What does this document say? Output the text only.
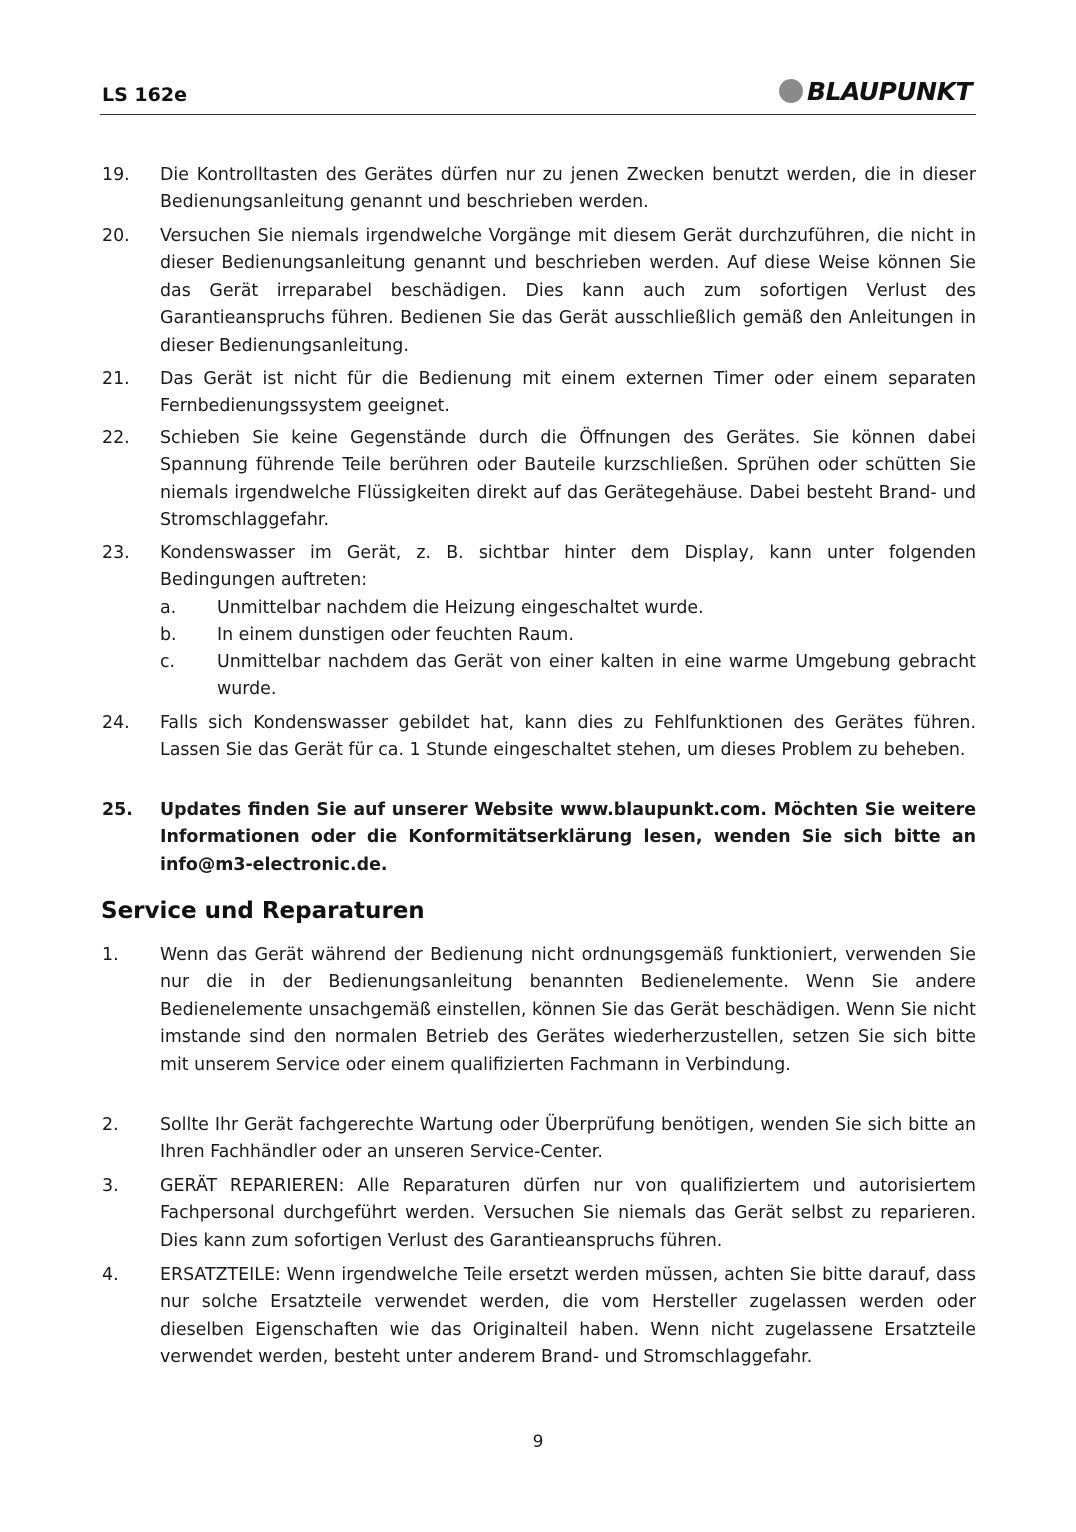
LS 162e	BLAUPUNKT
19. Die Kontrolltasten des Gerätes dürfen nur zu jenen Zwecken benutzt werden, die in dieser Bedienungsanleitung genannt und beschrieben werden.
20. Versuchen Sie niemals irgendwelche Vorgänge mit diesem Gerät durchzuführen, die nicht in dieser Bedienungsanleitung genannt und beschrieben werden. Auf diese Weise können Sie das Gerät irreparabel beschädigen. Dies kann auch zum sofortigen Verlust des Garantieanspruchs führen. Bedienen Sie das Gerät ausschließlich gemäß den Anleitungen in dieser Bedienungsanleitung.
21. Das Gerät ist nicht für die Bedienung mit einem externen Timer oder einem separaten Fernbedienungssystem geeignet.
22. Schieben Sie keine Gegenstände durch die Öffnungen des Gerätes. Sie können dabei Spannung führende Teile berühren oder Bauteile kurzschließen. Sprühen oder schütten Sie niemals irgendwelche Flüssigkeiten direkt auf das Gerätegehäuse. Dabei besteht Brand- und Stromschlaggefahr.
23. Kondenswasser im Gerät, z. B. sichtbar hinter dem Display, kann unter folgenden Bedingungen auftreten:
a. Unmittelbar nachdem die Heizung eingeschaltet wurde.
b. In einem dunstigen oder feuchten Raum.
c. Unmittelbar nachdem das Gerät von einer kalten in eine warme Umgebung gebracht wurde.
24. Falls sich Kondenswasser gebildet hat, kann dies zu Fehlfunktionen des Gerätes führen. Lassen Sie das Gerät für ca. 1 Stunde eingeschaltet stehen, um dieses Problem zu beheben.
25. Updates finden Sie auf unserer Website www.blaupunkt.com. Möchten Sie weitere Informationen oder die Konformitätserklärung lesen, wenden Sie sich bitte an info@m3-electronic.de.
Service und Reparaturen
1. Wenn das Gerät während der Bedienung nicht ordnungsgemäß funktioniert, verwenden Sie nur die in der Bedienungsanleitung benannten Bedienelemente. Wenn Sie andere Bedienelemente unsachgemäß einstellen, können Sie das Gerät beschädigen. Wenn Sie nicht imstande sind den normalen Betrieb des Gerätes wiederherzustellen, setzen Sie sich bitte mit unserem Service oder einem qualifizierten Fachmann in Verbindung.
2. Sollte Ihr Gerät fachgerechte Wartung oder Überprüfung benötigen, wenden Sie sich bitte an Ihren Fachhändler oder an unseren Service-Center.
3. GERÄT REPARIEREN: Alle Reparaturen dürfen nur von qualifiziertem und autorisiertem Fachpersonal durchgeführt werden. Versuchen Sie niemals das Gerät selbst zu reparieren. Dies kann zum sofortigen Verlust des Garantieanspruchs führen.
4. ERSATZTEILE: Wenn irgendwelche Teile ersetzt werden müssen, achten Sie bitte darauf, dass nur solche Ersatzteile verwendet werden, die vom Hersteller zugelassen werden oder dieselben Eigenschaften wie das Originalteil haben. Wenn nicht zugelassene Ersatzteile verwendet werden, besteht unter anderem Brand- und Stromschlaggefahr.
9
